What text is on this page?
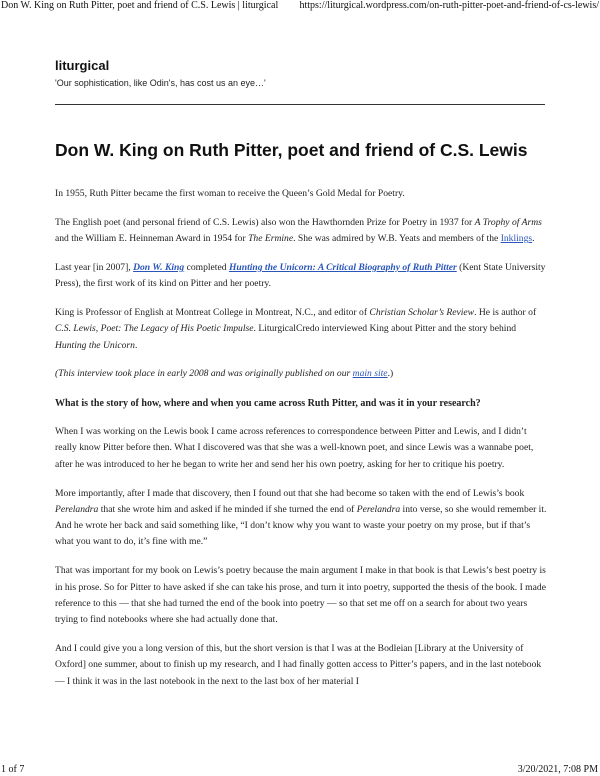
Don W. King on Ruth Pitter, poet and friend of C.S. Lewis | liturgical https://liturgical.wordpress.com/on-ruth-pitter-poet-and-friend-of-cs-lewis/
liturgical
'Our sophistication, like Odin's, has cost us an eye…'
Don W. King on Ruth Pitter, poet and friend of C.S. Lewis

In 1955, Ruth Pitter became the first woman to receive the Queen’s Gold Medal for Poetry.

The English poet (and personal friend of C.S. Lewis) also won the Hawthornden Prize for Poetry in 1937 for A Trophy of Arms and the William E. Heinneman Award in 1954 for The Ermine. She was admired by W.B. Yeats and members of the Inklings.

Last year [in 2007], Don W. King completed Hunting the Unicorn: A Critical Biography of Ruth Pitter (Kent State University Press), the first work of its kind on Pitter and her poetry.

King is Professor of English at Montreat College in Montreat, N.C., and editor of Christian Scholar’s Review. He is author of C.S. Lewis, Poet: The Legacy of His Poetic Impulse. LiturgicalCredo interviewed King about Pitter and the story behind Hunting the Unicorn.

(This interview took place in early 2008 and was originally published on our main site.)

What is the story of how, where and when you came across Ruth Pitter, and was it in your research?

When I was working on the Lewis book I came across references to correspondence between Pitter and Lewis, and I didn’t really know Pitter before then. What I discovered was that she was a well-known poet, and since Lewis was a wannabe poet, after he was introduced to her he began to write her and send her his own poetry, asking for her to critique his poetry.

More importantly, after I made that discovery, then I found out that she had become so taken with the end of Lewis’s book Perelandra that she wrote him and asked if he minded if she turned the end of Perelandra into verse, so she would remember it. And he wrote her back and said something like, “I don’t know why you want to waste your poetry on my prose, but if that’s what you want to do, it’s fine with me.”

That was important for my book on Lewis’s poetry because the main argument I make in that book is that Lewis’s best poetry is in his prose. So for Pitter to have asked if she can take his prose, and turn it into poetry, supported the thesis of the book. I made reference to this — that she had turned the end of the book into poetry — so that set me off on a search for about two years trying to find notebooks where she had actually done that.

And I could give you a long version of this, but the short version is that I was at the Bodleian [Library at the University of Oxford] one summer, about to finish up my research, and I had finally gotten access to Pitter’s papers, and in the last notebook — I think it was in the last notebook in the next to the last box of her material I

1 of 7	3/20/2021, 7:08 PM
